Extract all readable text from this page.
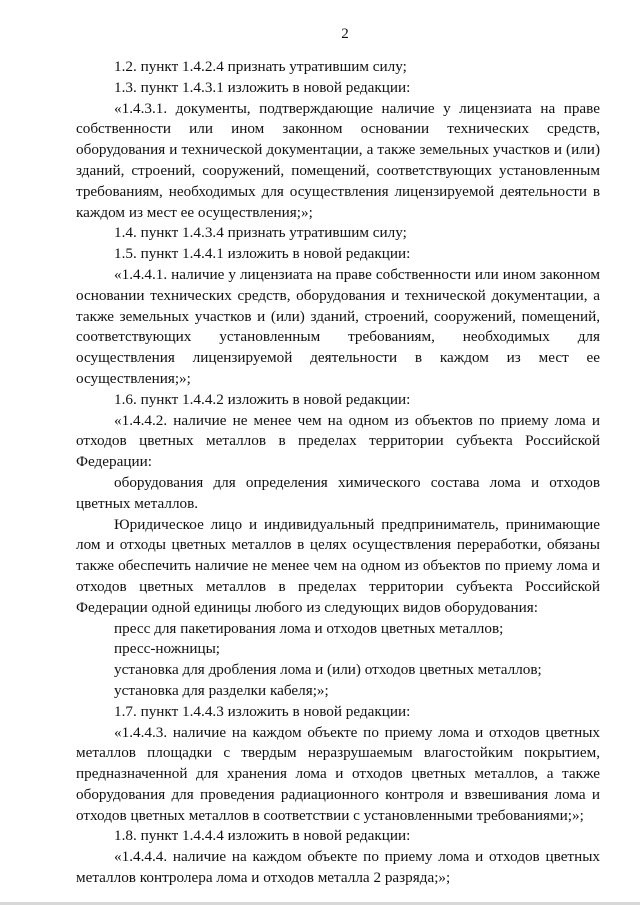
2

1.2. пункт 1.4.2.4 признать утратившим силу;

1.3. пункт 1.4.3.1 изложить в новой редакции:

«1.4.3.1. документы, подтверждающие наличие у лицензиата на праве собственности или ином законном основании технических средств, оборудования и технической документации, а также земельных участков и (или) зданий, строений, сооружений, помещений, соответствующих установленным требованиям, необходимых для осуществления лицензируемой деятельности в каждом из мест ее осуществления;»;

1.4. пункт 1.4.3.4 признать утратившим силу;

1.5. пункт 1.4.4.1 изложить в новой редакции:

«1.4.4.1. наличие у лицензиата на праве собственности или ином законном основании технических средств, оборудования и технической документации, а также земельных участков и (или) зданий, строений, сооружений, помещений, соответствующих установленным требованиям, необходимых для осуществления лицензируемой деятельности в каждом из мест ее осуществления;»;

1.6. пункт 1.4.4.2 изложить в новой редакции:

«1.4.4.2. наличие не менее чем на одном из объектов по приему лома и отходов цветных металлов в пределах территории субъекта Российской Федерации:

оборудования для определения химического состава лома и отходов цветных металлов.

Юридическое лицо и индивидуальный предприниматель, принимающие лом и отходы цветных металлов в целях осуществления переработки, обязаны также обеспечить наличие не менее чем на одном из объектов по приему лома и отходов цветных металлов в пределах территории субъекта Российской Федерации одной единицы любого из следующих видов оборудования:

пресс для пакетирования лома и отходов цветных металлов;

пресс-ножницы;

установка для дробления лома и (или) отходов цветных металлов;

установка для разделки кабеля;»;

1.7. пункт 1.4.4.3 изложить в новой редакции:

«1.4.4.3. наличие на каждом объекте по приему лома и отходов цветных металлов площадки с твердым неразрушаемым влагостойким покрытием, предназначенной для хранения лома и отходов цветных металлов, а также оборудования для проведения радиационного контроля и взвешивания лома и отходов цветных металлов в соответствии с установленными требованиями;»;

1.8. пункт 1.4.4.4 изложить в новой редакции:

«1.4.4.4. наличие на каждом объекте по приему лома и отходов цветных металлов контролера лома и отходов металла 2 разряда;»;
